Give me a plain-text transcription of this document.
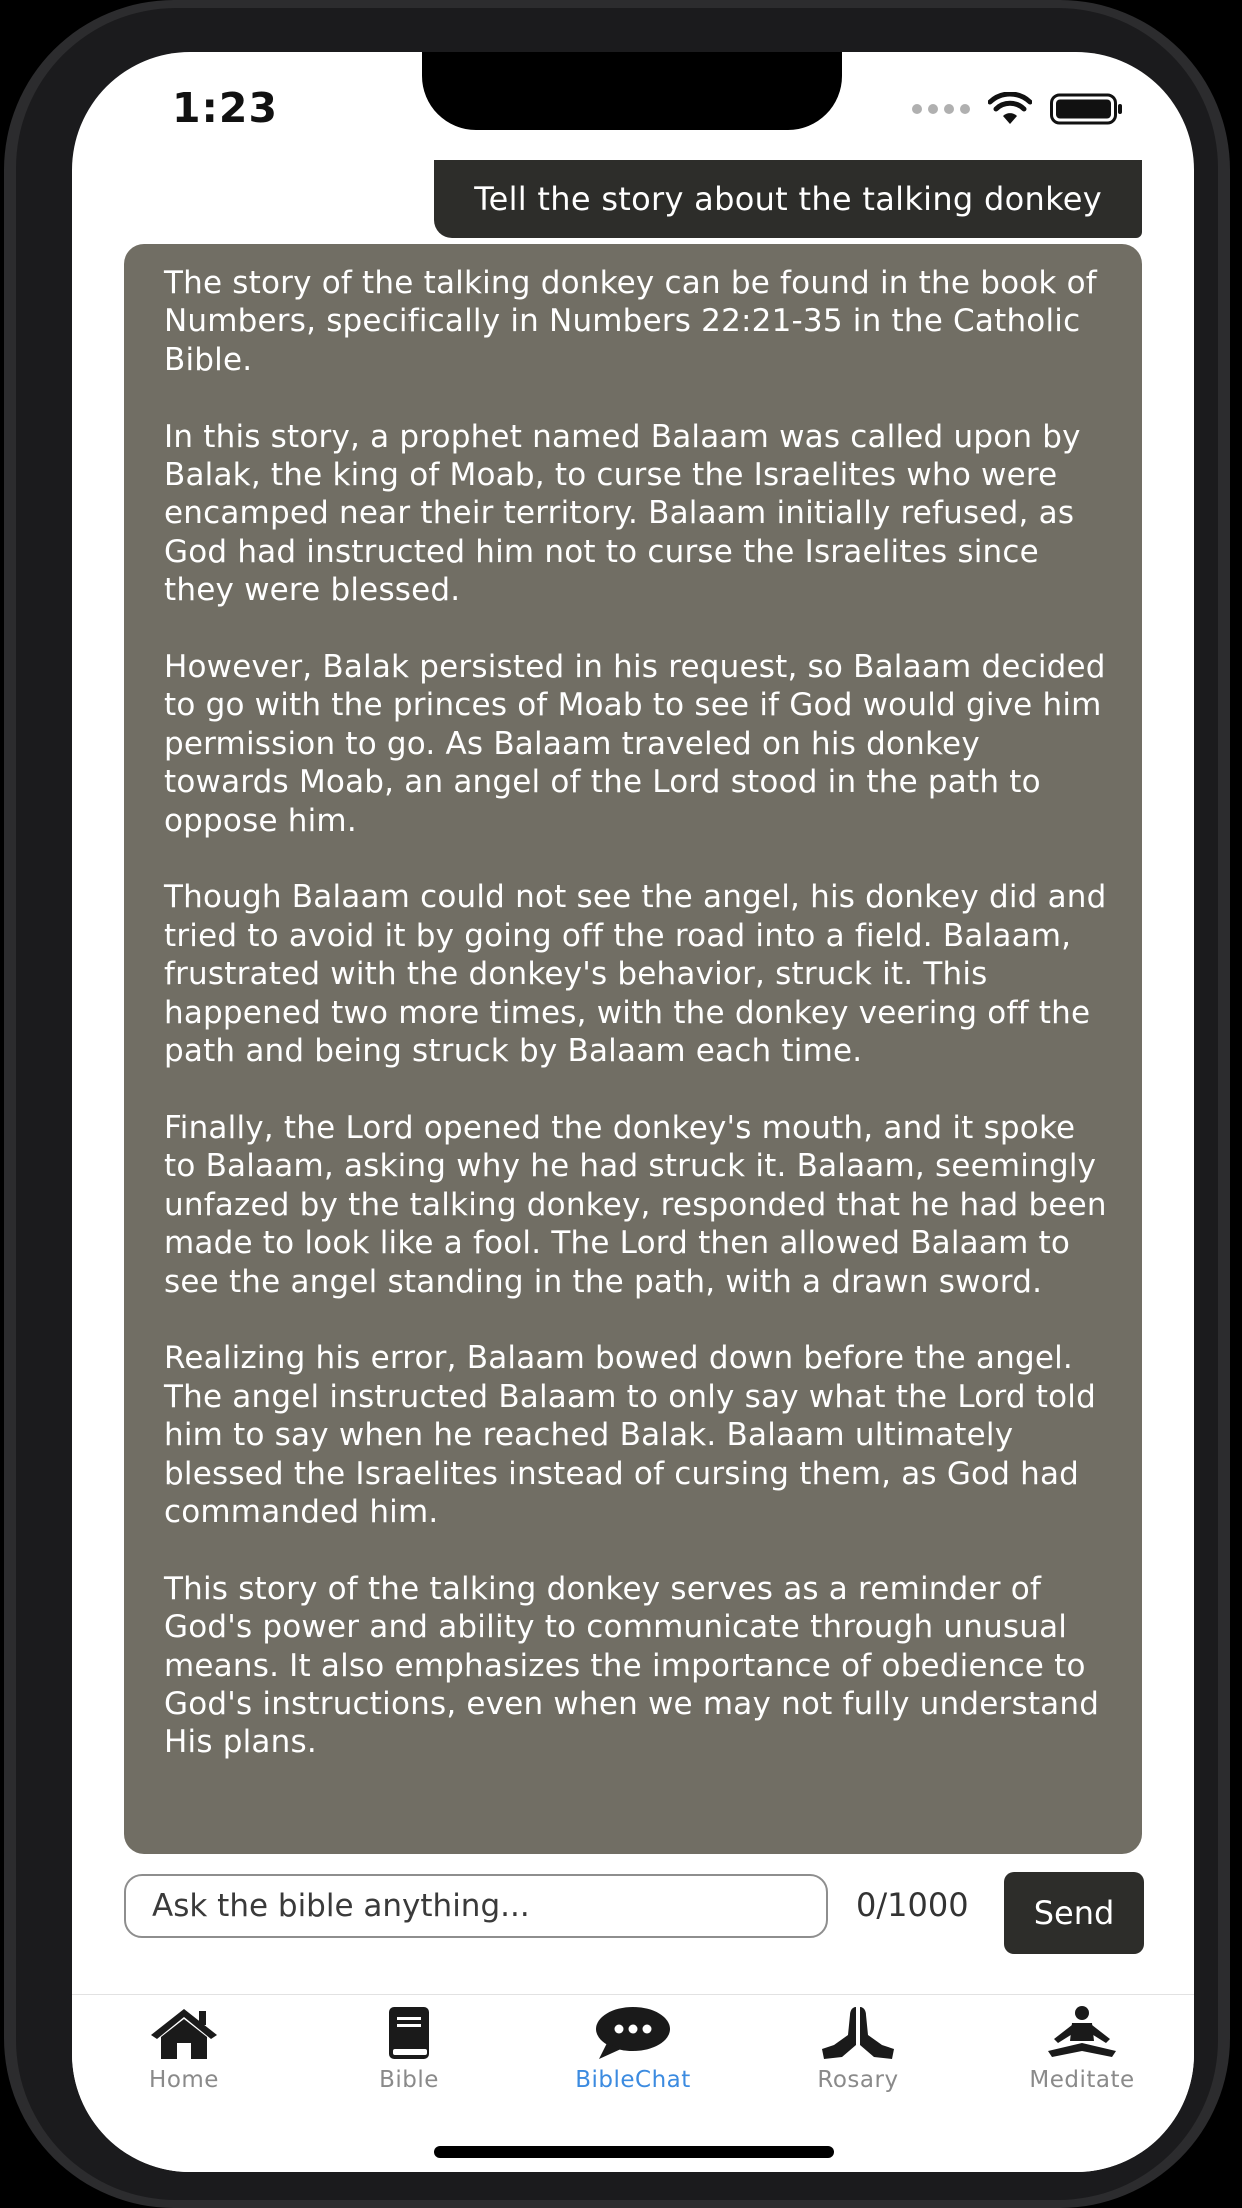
1:23
Tell the story about the talking donkey

The story of the talking donkey can be found in the book of Numbers, specifically in Numbers 22:21-35 in the Catholic Bible.

In this story, a prophet named Balaam was called upon by Balak, the king of Moab, to curse the Israelites who were encamped near their territory. Balaam initially refused, as God had instructed him not to curse the Israelites since they were blessed.

However, Balak persisted in his request, so Balaam decided to go with the princes of Moab to see if God would give him permission to go. As Balaam traveled on his donkey towards Moab, an angel of the Lord stood in the path to oppose him.

Though Balaam could not see the angel, his donkey did and tried to avoid it by going off the road into a field. Balaam, frustrated with the donkey's behavior, struck it. This happened two more times, with the donkey veering off the path and being struck by Balaam each time.

Finally, the Lord opened the donkey's mouth, and it spoke to Balaam, asking why he had struck it. Balaam, seemingly unfazed by the talking donkey, responded that he had been made to look like a fool. The Lord then allowed Balaam to see the angel standing in the path, with a drawn sword.

Realizing his error, Balaam bowed down before the angel. The angel instructed Balaam to only say what the Lord told him to say when he reached Balak. Balaam ultimately blessed the Israelites instead of cursing them, as God had commanded him.

This story of the talking donkey serves as a reminder of God's power and ability to communicate through unusual means. It also emphasizes the importance of obedience to God's instructions, even when we may not fully understand His plans.

Ask the bible anything...
0/1000	Send
Home	Bible	BibleChat	Rosary	Meditate
